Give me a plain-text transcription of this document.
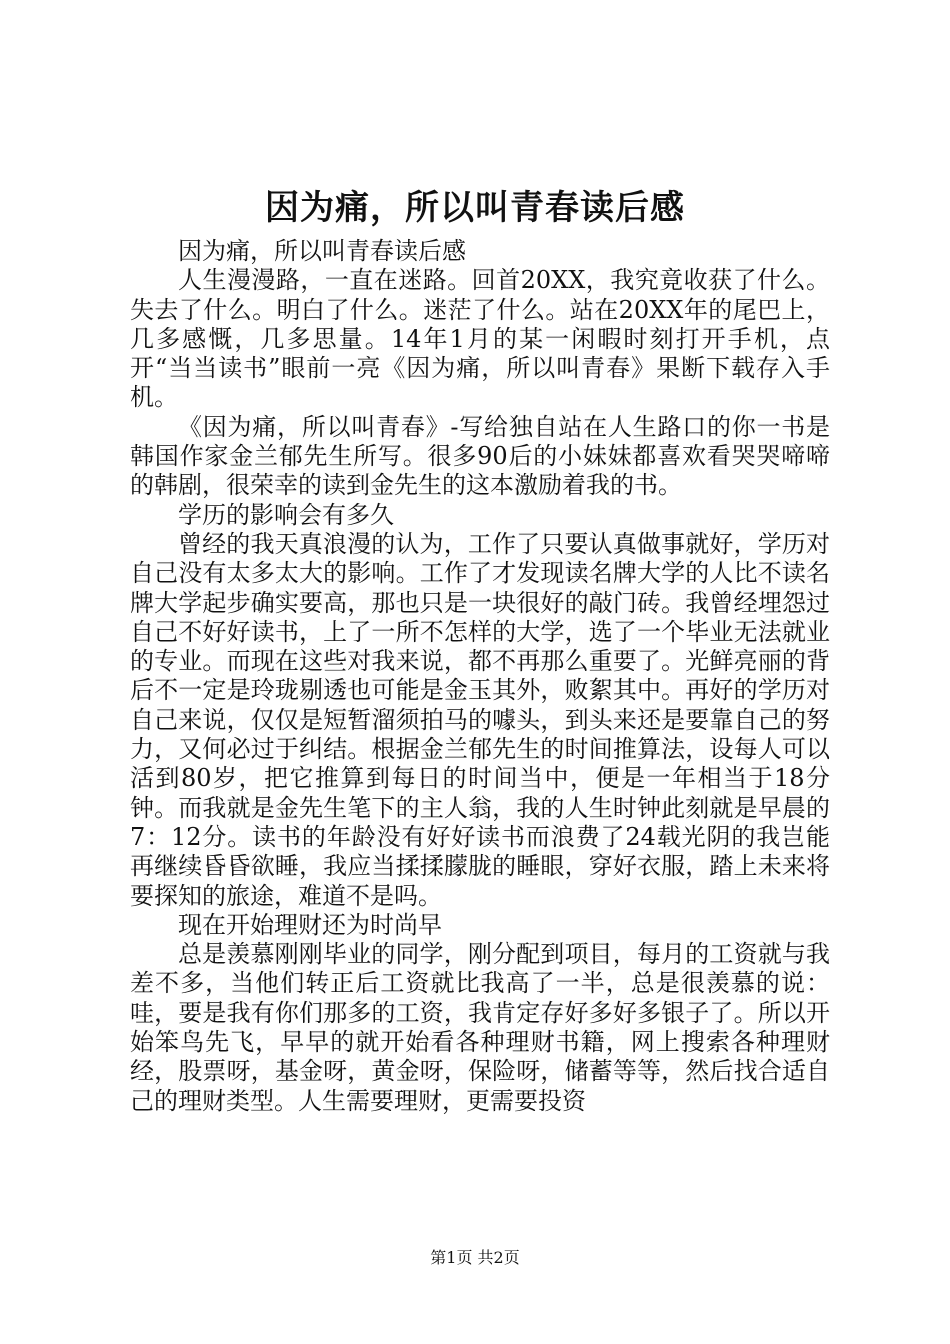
因为痛，所以叫青春读后感

因为痛，所以叫青春读后感

人生漫漫路，一直在迷路。回首20XX，我究竟收获了什么。失去了什么。明白了什么。迷茫了什么。站在20XX年的尾巴上，几多感慨，几多思量。14年1月的某一闲暇时刻打开手机，点开“当当读书”眼前一亮《因为痛，所以叫青春》果断下载存入手机。

《因为痛，所以叫青春》-写给独自站在人生路口的你一书是韩国作家金兰郁先生所写。很多90后的小妹妹都喜欢看哭哭啼啼的韩剧，很荣幸的读到金先生的这本激励着我的书。

学历的影响会有多久

曾经的我天真浪漫的认为，工作了只要认真做事就好，学历对自己没有太多太大的影响。工作了才发现读名牌大学的人比不读名牌大学起步确实要高，那也只是一块很好的敲门砖。我曾经埋怨过自己不好好读书，上了一所不怎样的大学，选了一个毕业无法就业的专业。而现在这些对我来说，都不再那么重要了。光鲜亮丽的背后不一定是玲珑剔透也可能是金玉其外，败絮其中。再好的学历对自己来说，仅仅是短暂溜须拍马的噱头，到头来还是要靠自己的努力，又何必过于纠结。根据金兰郁先生的时间推算法，设每人可以活到80岁，把它推算到每日的时间当中，便是一年相当于18分钟。而我就是金先生笔下的主人翁，我的人生时钟此刻就是早晨的7：12分。读书的年龄没有好好读书而浪费了24载光阴的我岂能再继续昏昏欲睡，我应当揉揉朦胧的睡眼，穿好衣服，踏上未来将要探知的旅途，难道不是吗。

现在开始理财还为时尚早

总是羡慕刚刚毕业的同学，刚分配到项目，每月的工资就与我差不多，当他们转正后工资就比我高了一半，总是很羡慕的说：哇，要是我有你们那多的工资，我肯定存好多好多银子了。所以开始笨鸟先飞，早早的就开始看各种理财书籍，网上搜索各种理财经，股票呀，基金呀，黄金呀，保险呀，储蓄等等，然后找合适自己的理财类型。人生需要理财，更需要投资

第1页 共2页
